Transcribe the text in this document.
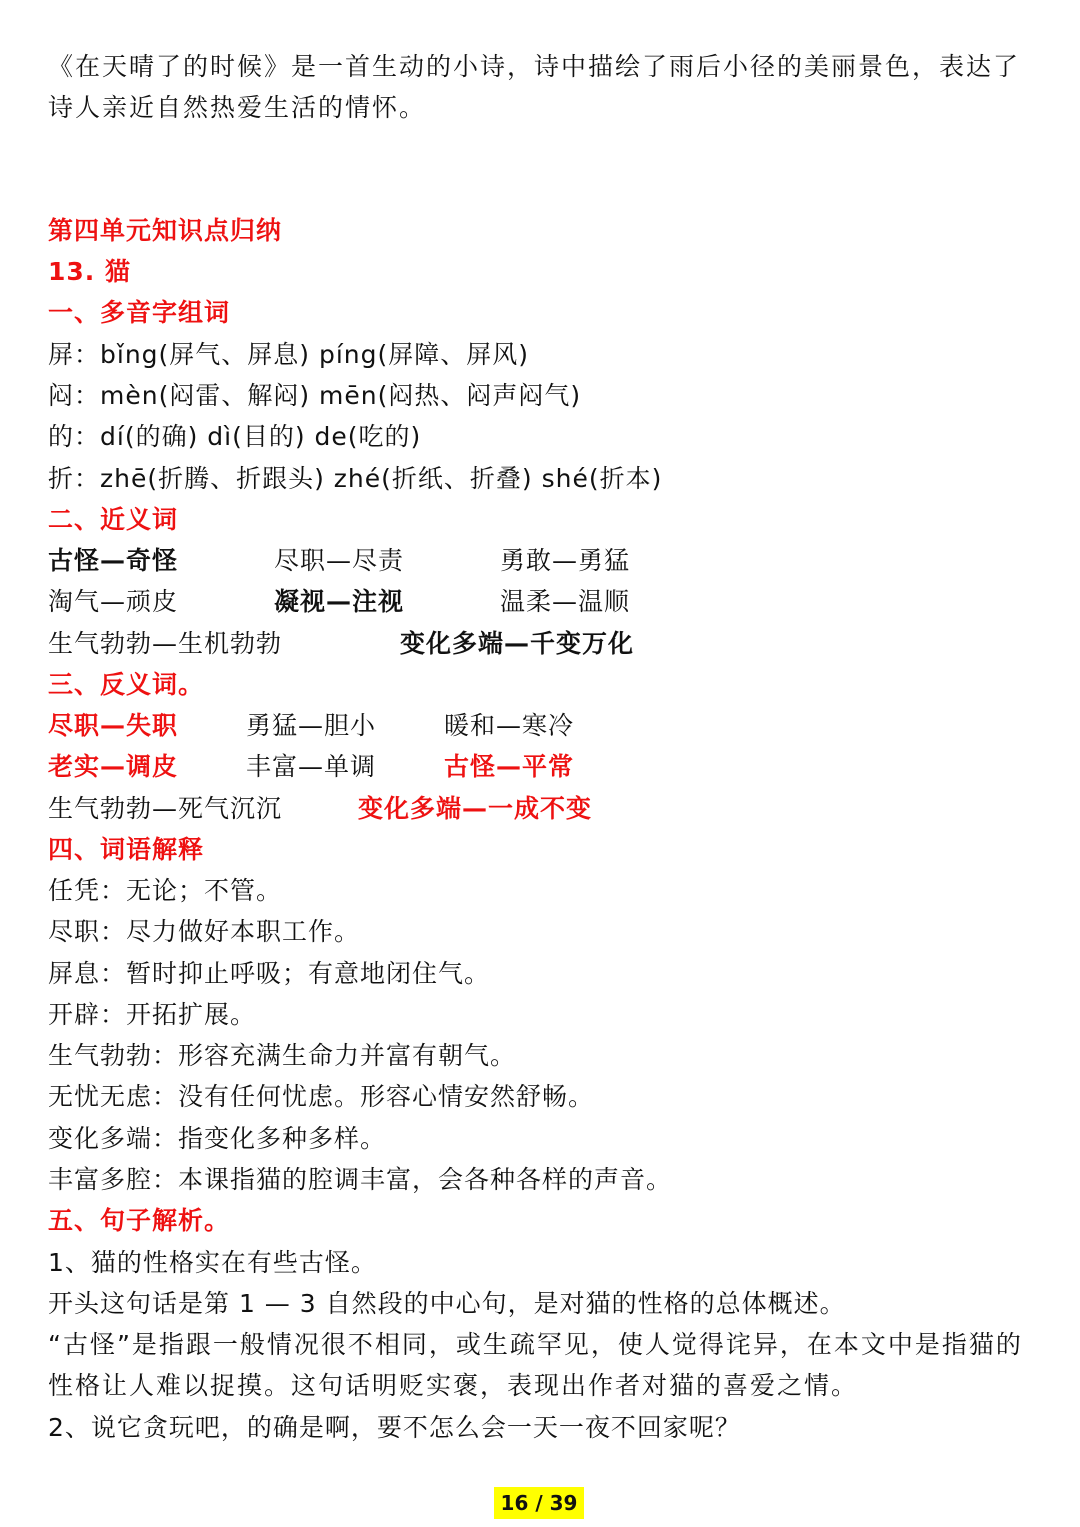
《在天晴了的时候》是一首生动的小诗，诗中描绘了雨后小径的美丽景色，表达了诗人亲近自然热爱生活的情怀。
第四单元知识点归纳
13. 猫
一、多音字组词
屏：bǐng(屏气、屏息) píng(屏障、屏风)
闷：mèn(闷雷、解闷) mēn(闷热、闷声闷气)
的：dí(的确) dì(目的) de(吃的)
折：zhē(折腾、折跟头) zhé(折纸、折叠) shé(折本)
二、近义词
古怪—奇怪	尽职—尽责	勇敢—勇猛
淘气—顽皮	凝视—注视	温柔—温顺
生气勃勃—生机勃勃	变化多端—千变万化
三、反义词。
尽职—失职	勇猛—胆小	暖和—寒冷
老实—调皮	丰富—单调	古怪—平常
生气勃勃—死气沉沉	变化多端—一成不变
四、词语解释
任凭：无论；不管。
尽职：尽力做好本职工作。
屏息：暂时抑止呼吸；有意地闭住气。
开辟：开拓扩展。
生气勃勃：形容充满生命力并富有朝气。
无忧无虑：没有任何忧虑。形容心情安然舒畅。
变化多端：指变化多种多样。
丰富多腔：本课指猫的腔调丰富，会各种各样的声音。
五、句子解析。
1、猫的性格实在有些古怪。
开头这句话是第 1 — 3 自然段的中心句，是对猫的性格的总体概述。
“古怪”是指跟一般情况很不相同，或生疏罕见，使人觉得诧异，在本文中是指猫的性格让人难以捉摸。这句话明贬实褒，表现出作者对猫的喜爱之情。
2、说它贪玩吧，的确是啊，要不怎么会一天一夜不回家呢？
16 / 39
